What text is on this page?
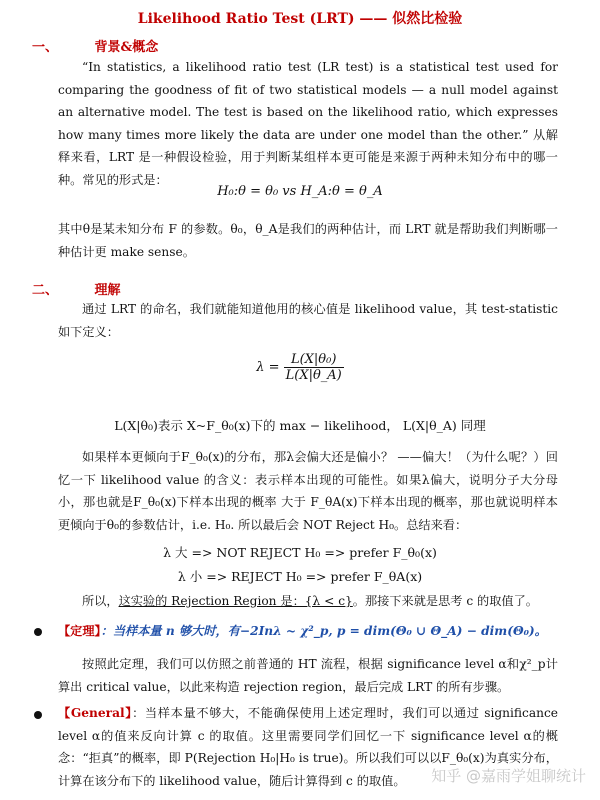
Likelihood Ratio Test (LRT) —— 似然比检验
一、	背景&概念
“In statistics, a likelihood ratio test (LR test) is a statistical test used for comparing the goodness of fit of two statistical models — a null model against an alternative model. The test is based on the likelihood ratio, which expresses how many times more likely the data are under one model than the other.” 从解释来看，LRT 是一种假设检验，用于判断某组样本更可能是来源于两种未知分布中的哪一种。常见的形式是：
H₀:θ = θ₀ vs H_A:θ = θ_A
其中θ是某未知分布 F 的参数。θ₀，θ_A是我们的两种估计，而 LRT 就是帮助我们判断哪一种估计更 make sense。
二、	理解
通过 LRT 的命名，我们就能知道他用的核心值是 likelihood value，其 test-statistic 如下定义：
$\lambda = \frac{\text{L(X|θ₀)}}{L(X|\theta\_A)}$
L(X|θ₀)表示 X~F_θ₀(x)下的 max − likelihood， L(X|θ_A) 同理
如果样本更倾向于F_θ₀(x)的分布，那λ会偏大还是偏小？ ——偏大！（为什么呢？）回忆一下 likelihood value 的含义：表示样本出现的可能性。如果λ偏大，说明分子大分母小，那也就是F_θ₀(x)下样本出现的概率 大于 F_θA(x)下样本出现的概率，那也就说明样本更倾向于θ₀的参数估计，i.e. H₀. 所以最后会 NOT Reject H₀。总结来看：
λ 大 => NOT REJECT H₀ => prefer F_θ₀(x)
λ 小 => REJECT H₀ => prefer F_θA(x)
所以，这实验的 Rejection Region 是：{λ < c}。那接下来就是思考 c 的取值了。
【定理】：当样本量 n 够大时，有−2Inλ ~ χ²_p, p = dim(Θ₀ ∪ Θ_A) − dim(Θ₀)。
按照此定理，我们可以仿照之前普通的 HT 流程，根据 significance level α和χ²_p计算出 critical value，以此来构造 rejection region，最后完成 LRT 的所有步骤。
【General】：当样本量不够大，不能确保使用上述定理时，我们可以通过 significance level α的值来反向计算 c 的取值。这里需要同学们回忆一下 significance level α的概念：“拒真”的概率，即 P(Rejection H₀|H₀ is true)。所以我们可以以F_θ₀(x)为真实分布，计算在该分布下的 likelihood value，随后计算得到 c 的取值。	知乎 @嘉雨学姐聊统计
